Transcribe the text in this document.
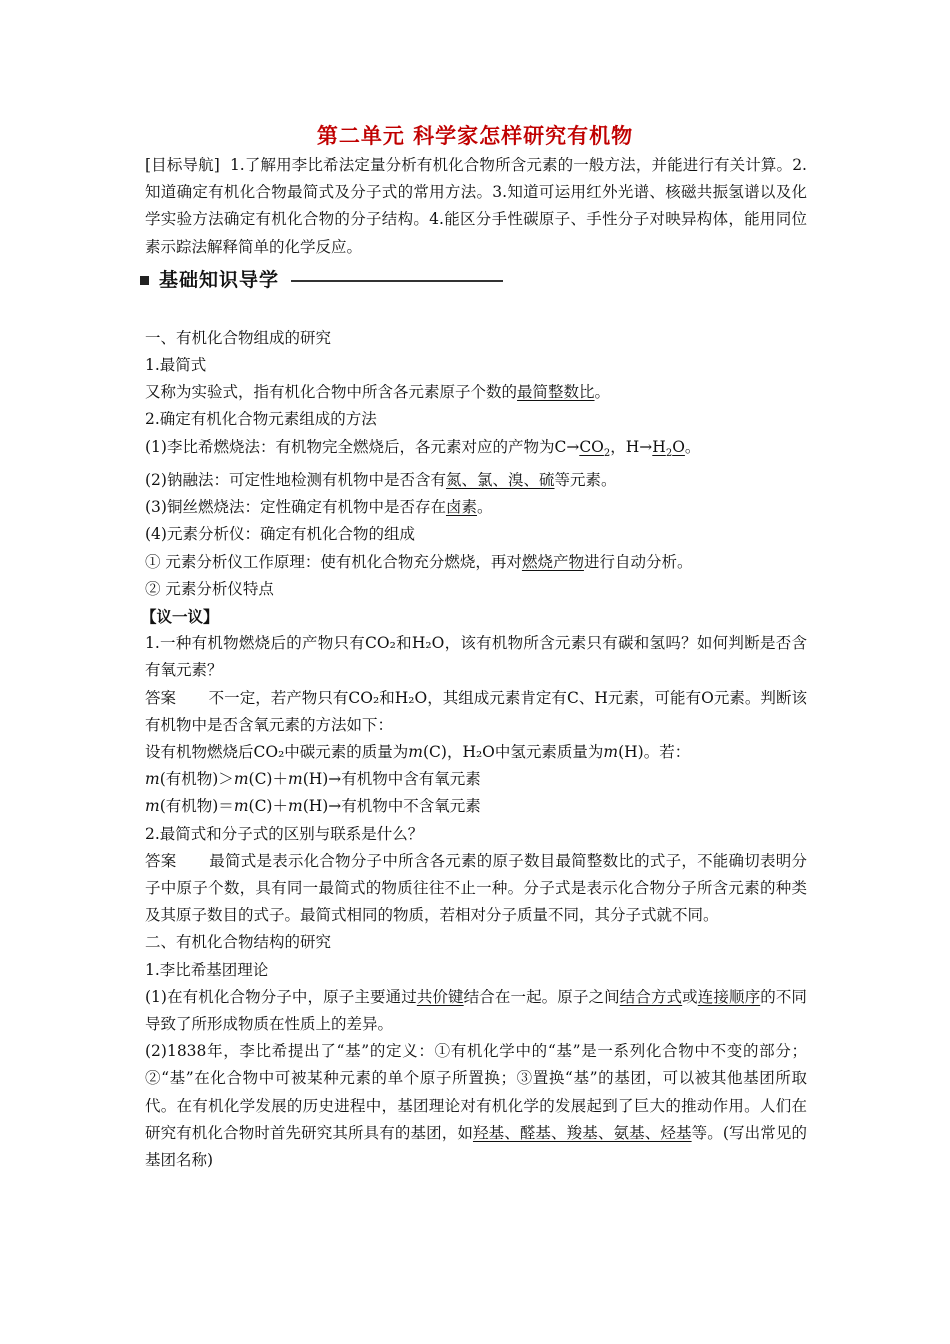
第二单元 科学家怎样研究有机物

[目标导航] 1.了解用李比希法定量分析有机化合物所含元素的一般方法，并能进行有关计算。2.知道确定有机化合物最简式及分子式的常用方法。3.知道可运用红外光谱、核磁共振氢谱以及化学实验方法确定有机化合物的分子结构。4.能区分手性碳原子、手性分子对映异构体，能用同位素示踪法解释简单的化学反应。

基础知识导学

一、有机化合物组成的研究

1.最简式

又称为实验式，指有机化合物中所含各元素原子个数的最简整数比。

2.确定有机化合物元素组成的方法

(1)李比希燃烧法：有机物完全燃烧后，各元素对应的产物为$C\to CO_2$，$H\to H_2O$。

(2)钠融法：可定性地检测有机物中是否含有氮、氯、溴、硫等元素。

(3)铜丝燃烧法：定性确定有机物中是否存在卤素。

(4)元素分析仪：确定有机化合物的组成

① 元素分析仪工作原理：使有机化合物充分燃烧，再对燃烧产物进行自动分析。

② 元素分析仪特点

【议一议】

1.一种有机物燃烧后的产物只有CO₂和H₂O，该有机物所含元素只有碳和氢吗？如何判断是否含有氧元素？

答案 不一定，若产物只有CO₂和H₂O，其组成元素肯定有C、H元素，可能有O元素。判断该有机物中是否含氧元素的方法如下：

设有机物燃烧后CO₂中碳元素的质量为m(C)，H₂O中氢元素质量为m(H)。若：

m(有机物)＞m(C)＋m(H)→有机物中含有氧元素

m(有机物)＝m(C)＋m(H)→有机物中不含氧元素

2.最简式和分子式的区别与联系是什么？

答案 最简式是表示化合物分子中所含各元素的原子数目最简整数比的式子，不能确切表明分子中原子个数，具有同一最简式的物质往往不止一种。分子式是表示化合物分子所含元素的种类及其原子数目的式子。最简式相同的物质，若相对分子质量不同，其分子式就不同。

二、有机化合物结构的研究

1.李比希基团理论

(1)在有机化合物分子中，原子主要通过共价键结合在一起。原子之间结合方式或连接顺序的不同导致了所形成物质在性质上的差异。

(2)1838年，李比希提出了“基”的定义：①有机化学中的“基”是一系列化合物中不变的部分；②“基”在化合物中可被某种元素的单个原子所置换；③置换“基”的基团，可以被其他基团所取代。在有机化学发展的历史进程中，基团理论对有机化学的发展起到了巨大的推动作用。人们在研究有机化合物时首先研究其所具有的基团，如羟基、醛基、羧基、氨基、烃基等。(写出常见的基团名称)
